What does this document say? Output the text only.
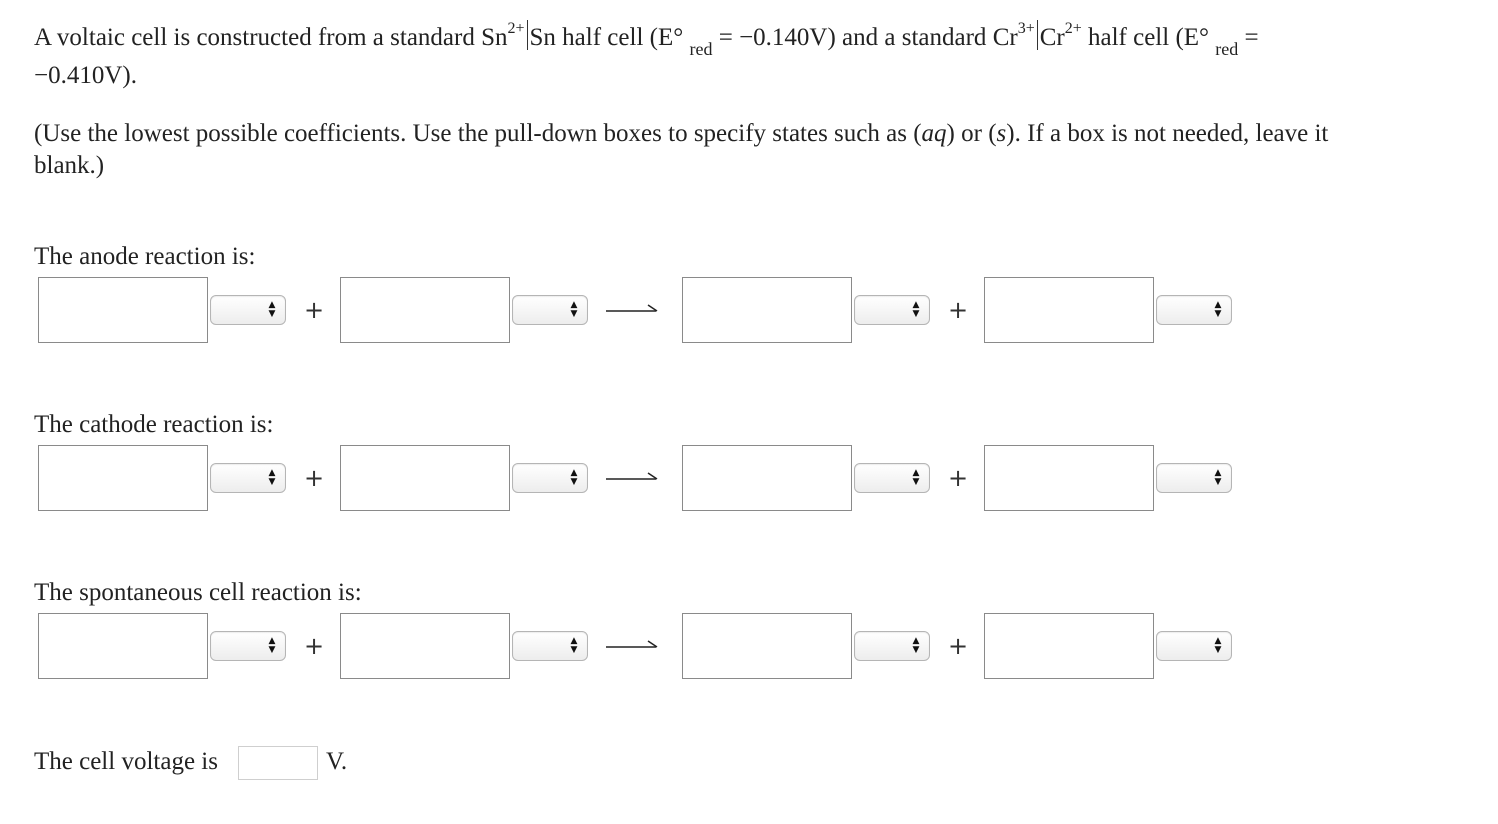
A voltaic cell is constructed from a standard $Sn^{2+}$ Sn half cell (E° $_{red}$ = −0.140V) and a standard $Cr^{3+}$ $Cr^{2+}$ half cell (E° $_{red}$ =
−0.410V).
(Use the lowest possible coefficients. Use the pull-down boxes to specify states such as (aq) or (s). If a box is not needed, leave it
blank.)
The anode reaction is:
The cathode reaction is:
The spontaneous cell reaction is:
▲
▼ +	▲
▼
▲
▼ +	▲
▼
▲
▼ +	▲
▼
▲
▼ +	▲
▼
▲
▼ +	▲
▼
▲
▼ +	▲
▼
The cell voltage is	V.
